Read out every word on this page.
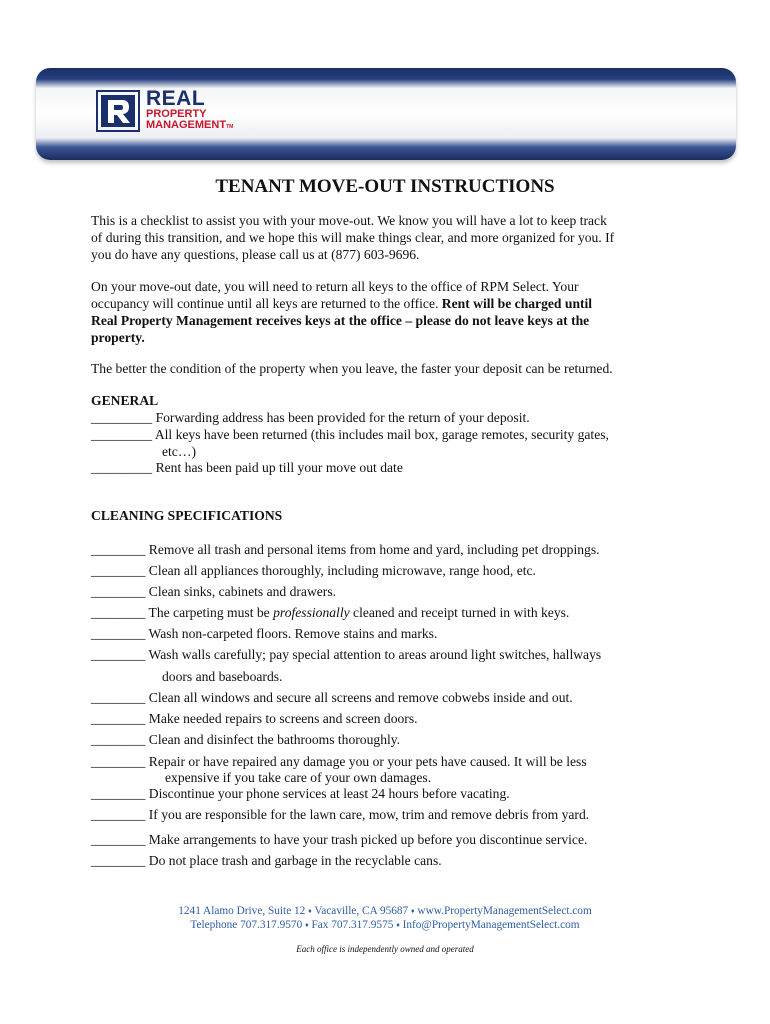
REAL
PROPERTY
MANAGEMENTTM
TENANT MOVE-OUT INSTRUCTIONS
This is a checklist to assist you with your move-out. We know you will have a lot to keep track
of during this transition, and we hope this will make things clear, and more organized for you. If
you do have any questions, please call us at (877) 603-9696.
On your move-out date, you will need to return all keys to the office of RPM Select. Your
occupancy will continue until all keys are returned to the office. Rent will be charged until
Real Property Management receives keys at the office – please do not leave keys at the
property.
The better the condition of the property when you leave, the faster your deposit can be returned.
GENERAL
_________ Forwarding address has been provided for the return of your deposit.
_________ All keys have been returned (this includes mail box, garage remotes, security gates,
etc…)
_________ Rent has been paid up till your move out date
CLEANING SPECIFICATIONS
________ Remove all trash and personal items from home and yard, including pet droppings.
________ Clean all appliances thoroughly, including microwave, range hood, etc.
________ Clean sinks, cabinets and drawers.
________ The carpeting must be professionally cleaned and receipt turned in with keys.
________ Wash non-carpeted floors. Remove stains and marks.
________ Wash walls carefully; pay special attention to areas around light switches, hallways
doors and baseboards.
________ Clean all windows and secure all screens and remove cobwebs inside and out.
________ Make needed repairs to screens and screen doors.
________ Clean and disinfect the bathrooms thoroughly.
________ Repair or have repaired any damage you or your pets have caused. It will be less
expensive if you take care of your own damages.
________ Discontinue your phone services at least 24 hours before vacating.
________ If you are responsible for the lawn care, mow, trim and remove debris from yard.
________ Make arrangements to have your trash picked up before you discontinue service.
________ Do not place trash and garbage in the recyclable cans.
1241 Alamo Drive, Suite 12 ♦ Vacaville, CA 95687 ♦ www.PropertyManagementSelect.com
Telephone 707.317.9570 ♦ Fax 707.317.9575 ♦ Info@PropertyManagementSelect.com
Each office is independently owned and operated
